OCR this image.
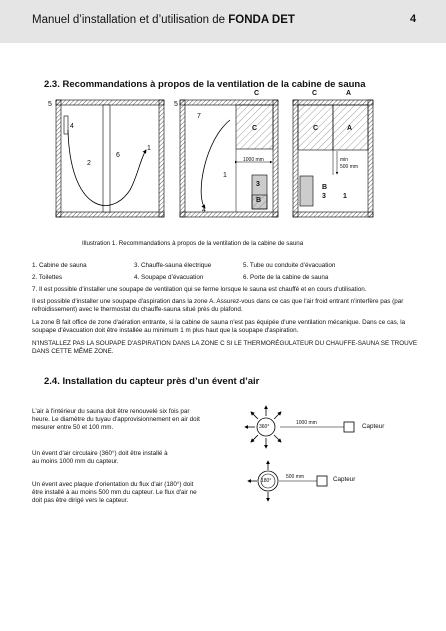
Manuel d’installation et d’utilisation de FONDA DET	4
2.3. Recommandations à propos de la ventilation de la cabine de sauna
5
4
2
6
1
5
7
C
C
1000 mm
1
3
B
4
C	A
C	A
min
500 mm
B
3 1
Illustration 1. Recommandations à propos de la ventilation de la cabine de sauna
1. Cabine de sauna	3. Chauffe-sauna électrique	5. Tube ou conduite d’évacuation
2. Toilettes	4. Soupape d’évacuation	6. Porte de la cabine de sauna
7. Il est possible d'installer une soupape de ventilation qui se ferme lorsque le sauna est chauffé et en cours d'utilisation.
Il est possible d'installer une soupape d'aspiration dans la zone A. Assurez-vous dans ce cas que l'air froid entrant n'interfère pas (par refroidissement) avec le thermostat du chauffe-sauna situé près du plafond.
La zone B fait office de zone d'aération entrante, si la cabine de sauna n'est pas équipée d'une ventilation mécanique. Dans ce cas, la soupape d'évacuation doit être installée au minimum 1 m plus haut que la soupape d'aspiration.
N'INSTALLEZ PAS LA SOUPAPE D'ASPIRATION DANS LA ZONE C SI LE THERMORÉGULATEUR DU CHAUFFE-SAUNA SE TROUVE DANS CETTE MÊME ZONE.
2.4. Installation du capteur près d’un évent d’air
L'air à l'intérieur du sauna doit être renouvelé six fois par heure. Le diamètre du tuyau d'approvisionnement en air doit mesurer entre 50 et 100 mm.
Un évent d'air circulaire (360°) doit être installé à au moins 1000 mm du capteur.
Un évent avec plaque d'orientation du flux d'air (180°) doit être installé à au moins 500 mm du capteur. Le flux d'air ne doit pas être dirigé vers le capteur.
360°
1000 mm	Capteur
180°
500 mm	Capteur
